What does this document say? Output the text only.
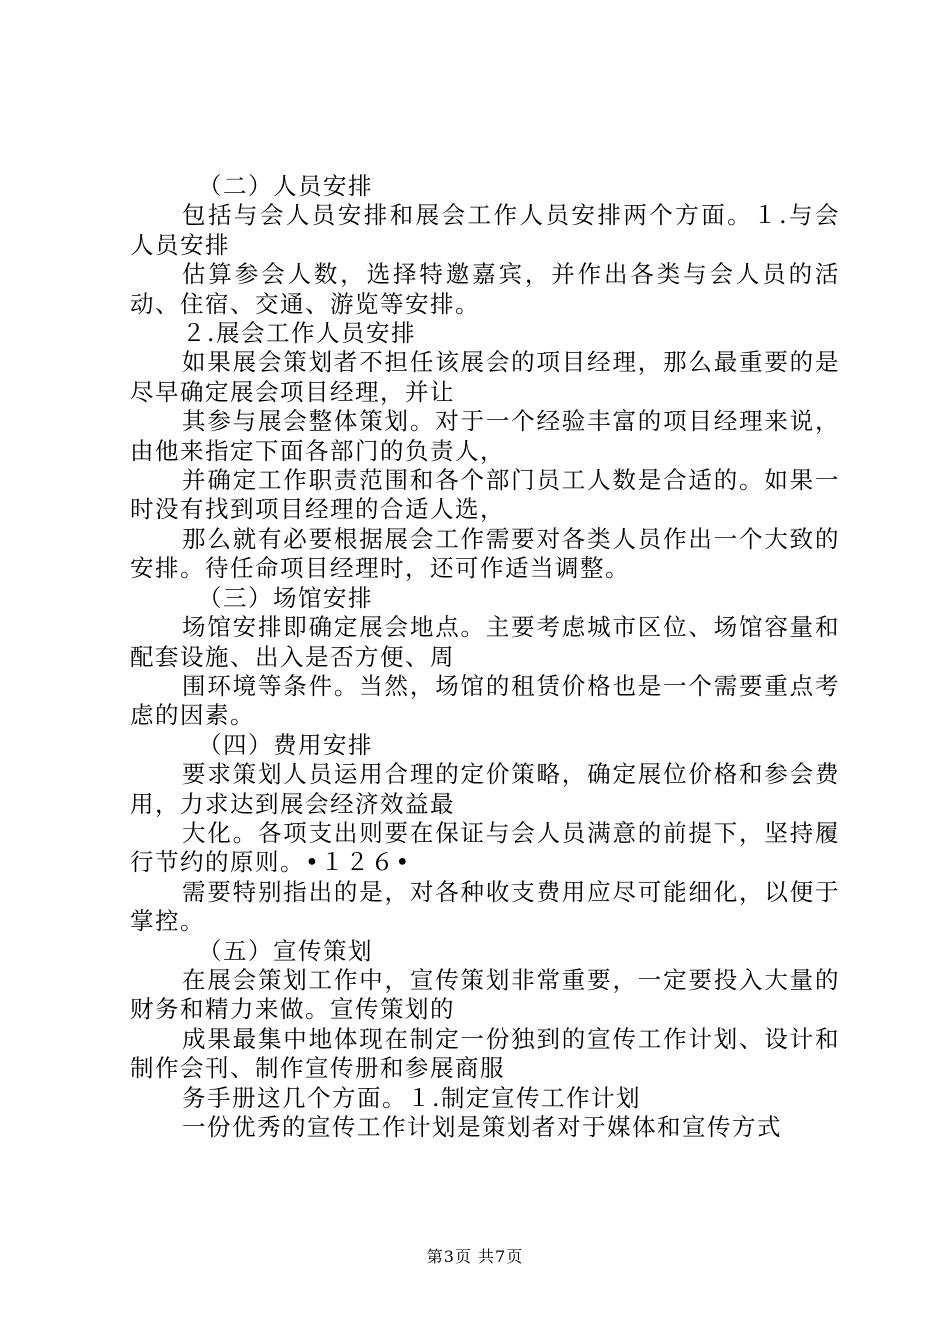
（二）人员安排

包括与会人员安排和展会工作人员安排两个方面。１.与会人员安排

估算参会人数，选择特邀嘉宾，并作出各类与会人员的活动、住宿、交通、游览等安排。

２.展会工作人员安排

如果展会策划者不担任该展会的项目经理，那么最重要的是尽早确定展会项目经理，并让

其参与展会整体策划。对于一个经验丰富的项目经理来说，由他来指定下面各部门的负责人，

并确定工作职责范围和各个部门员工人数是合适的。如果一时没有找到项目经理的合适人选，

那么就有必要根据展会工作需要对各类人员作出一个大致的安排。待任命项目经理时，还可作适当调整。

（三）场馆安排

场馆安排即确定展会地点。主要考虑城市区位、场馆容量和配套设施、出入是否方便、周

围环境等条件。当然，场馆的租赁价格也是一个需要重点考虑的因素。

（四）费用安排

要求策划人员运用合理的定价策略，确定展位价格和参会费用，力求达到展会经济效益最

大化。各项支出则要在保证与会人员满意的前提下，坚持履行节约的原则。•１２６•

需要特别指出的是，对各种收支费用应尽可能细化，以便于掌控。

（五）宣传策划

在展会策划工作中，宣传策划非常重要，一定要投入大量的财务和精力来做。宣传策划的

成果最集中地体现在制定一份独到的宣传工作计划、设计和制作会刊、制作宣传册和参展商服

务手册这几个方面。１.制定宣传工作计划

一份优秀的宣传工作计划是策划者对于媒体和宣传方式

第3页 共7页
